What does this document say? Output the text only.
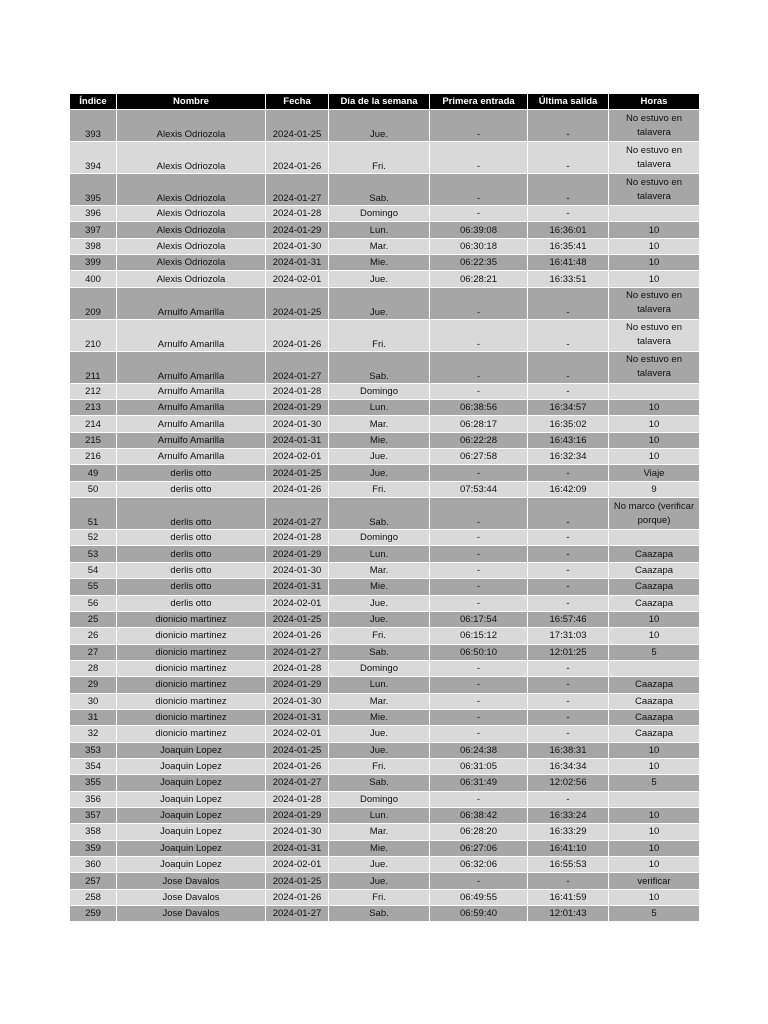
Índice	Nombre	Fecha	Día de la semana	Primera entrada	Última salida	Horas
393	Alexis Odriozola	2024-01-25	Jue.	-	-	No estuvo en talavera
394	Alexis Odriozola	2024-01-26	Fri.	-	-	No estuvo en talavera
395	Alexis Odriozola	2024-01-27	Sab.	-	-	No estuvo en talavera
396	Alexis Odriozola	2024-01-28	Domingo	-	-	
397	Alexis Odriozola	2024-01-29	Lun.	06:39:08	16:36:01	10
398	Alexis Odriozola	2024-01-30	Mar.	06:30:18	16:35:41	10
399	Alexis Odriozola	2024-01-31	Mie.	06:22:35	16:41:48	10
400	Alexis Odriozola	2024-02-01	Jue.	06:28:21	16:33:51	10
209	Arnulfo Amarilla	2024-01-25	Jue.	-	-	No estuvo en talavera
210	Arnulfo Amarilla	2024-01-26	Fri.	-	-	No estuvo en talavera
211	Arnulfo Amarilla	2024-01-27	Sab.	-	-	No estuvo en talavera
212	Arnulfo Amarilla	2024-01-28	Domingo	-	-	
213	Arnulfo Amarilla	2024-01-29	Lun.	06:38:56	16:34:57	10
214	Arnulfo Amarilla	2024-01-30	Mar.	06:28:17	16:35:02	10
215	Arnulfo Amarilla	2024-01-31	Mie.	06:22:28	16:43:16	10
216	Arnulfo Amarilla	2024-02-01	Jue.	06:27:58	16:32:34	10
49	derlis otto	2024-01-25	Jue.	-	-	Viaje
50	derlis otto	2024-01-26	Fri.	07:53:44	16:42:09	9
51	derlis otto	2024-01-27	Sab.	-	-	No marco (verificar porque)
52	derlis otto	2024-01-28	Domingo	-	-	
53	derlis otto	2024-01-29	Lun.	-	-	Caazapa
54	derlis otto	2024-01-30	Mar.	-	-	Caazapa
55	derlis otto	2024-01-31	Mie.	-	-	Caazapa
56	derlis otto	2024-02-01	Jue.	-	-	Caazapa
25	dionicio martinez	2024-01-25	Jue.	06:17:54	16:57:46	10
26	dionicio martinez	2024-01-26	Fri.	06:15:12	17:31:03	10
27	dionicio martinez	2024-01-27	Sab.	06:50:10	12:01:25	5
28	dionicio martinez	2024-01-28	Domingo	-	-	
29	dionicio martinez	2024-01-29	Lun.	-	-	Caazapa
30	dionicio martinez	2024-01-30	Mar.	-	-	Caazapa
31	dionicio martinez	2024-01-31	Mie.	-	-	Caazapa
32	dionicio martinez	2024-02-01	Jue.	-	-	Caazapa
353	Joaquin Lopez	2024-01-25	Jue.	06:24:38	16:38:31	10
354	Joaquin Lopez	2024-01-26	Fri.	06:31:05	16:34:34	10
355	Joaquin Lopez	2024-01-27	Sab.	06:31:49	12:02:56	5
356	Joaquin Lopez	2024-01-28	Domingo	-	-	
357	Joaquin Lopez	2024-01-29	Lun.	06:38:42	16:33:24	10
358	Joaquin Lopez	2024-01-30	Mar.	06:28:20	16:33:29	10
359	Joaquin Lopez	2024-01-31	Mie.	06:27:06	16:41:10	10
360	Joaquin Lopez	2024-02-01	Jue.	06:32:06	16:55:53	10
257	Jose Davalos	2024-01-25	Jue.	-	-	verificar
258	Jose Davalos	2024-01-26	Fri.	06:49:55	16:41:59	10
259	Jose Davalos	2024-01-27	Sab.	06:59:40	12:01:43	5
